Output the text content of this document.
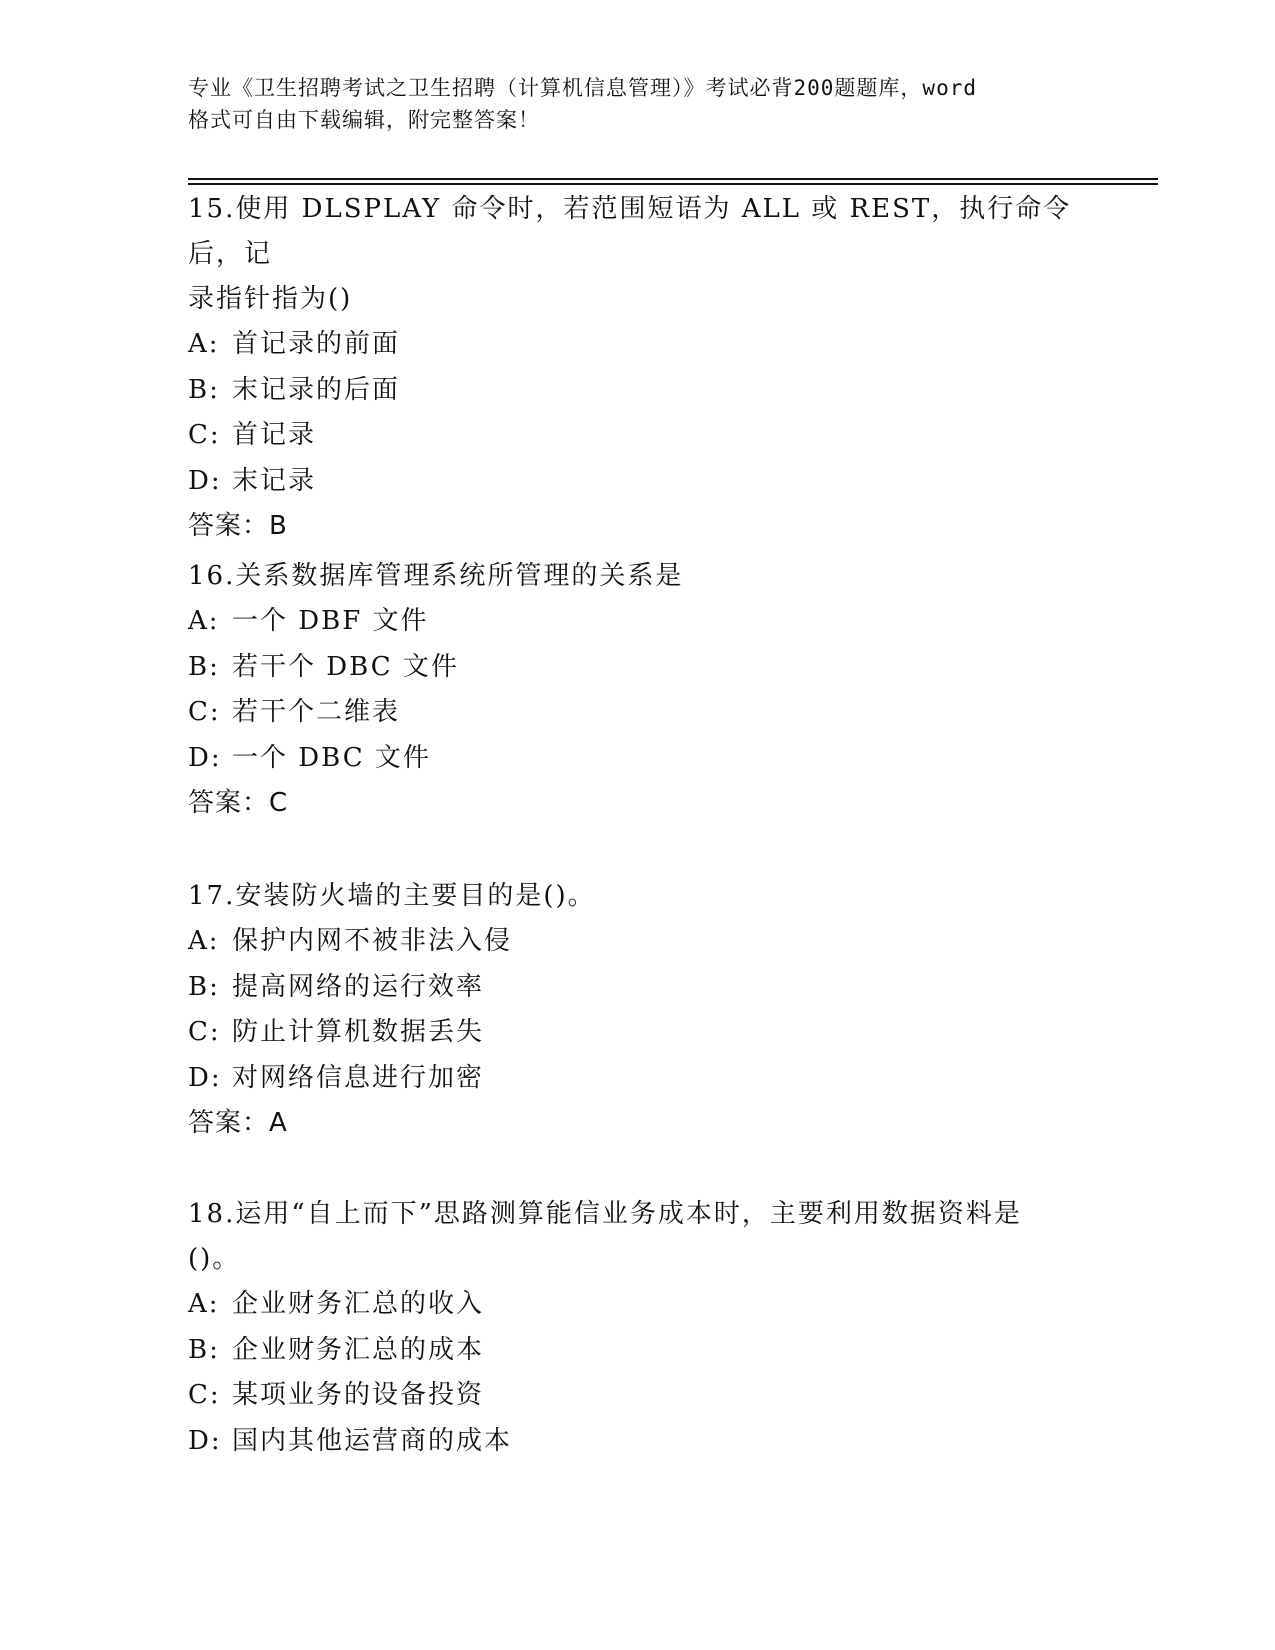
专业《卫生招聘考试之卫生招聘（计算机信息管理）》考试必背200题题库，word
格式可自由下载编辑，附完整答案！

15.使用 DLSPLAY 命令时，若范围短语为 ALL 或 REST，执行命令后，记

录指针指为()

A: 首记录的前面

B: 末记录的后面

C: 首记录

D: 末记录

答案：B

16.关系数据库管理系统所管理的关系是

A: 一个 DBF 文件

B: 若干个 DBC 文件

C: 若干个二维表

D: 一个 DBC 文件

答案：C

17.安装防火墙的主要目的是()。

A: 保护内网不被非法入侵

B: 提高网络的运行效率

C: 防止计算机数据丢失

D: 对网络信息进行加密

答案：A

18.运用“自上而下”思路测算能信业务成本时，主要利用数据资料是

()。

A: 企业财务汇总的收入

B: 企业财务汇总的成本

C: 某项业务的设备投资

D: 国内其他运营商的成本
